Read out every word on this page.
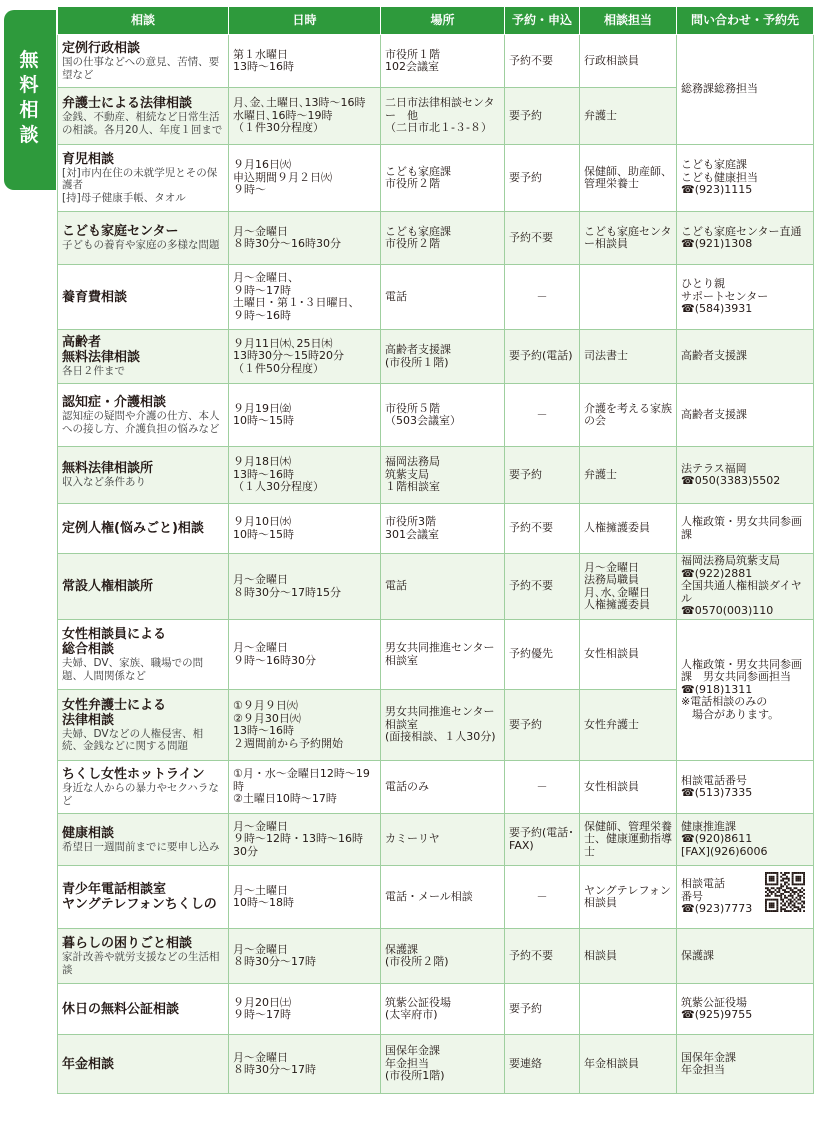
無
料
相
談
相談	日時	場所	予約・申込	相談担当	問い合わせ・予約先

定例行政相談
国の仕事などへの意見、苦情、要望など	第１水曜日
13時～16時	市役所１階
102会議室	予約不要	行政相談員	総務課総務担当

弁護士による法律相談
金銭、不動産、相続など日常生活の相談。各月20人、年度１回まで	月､金､土曜日､13時～16時
水曜日､16時～19時
（１件30分程度）	二日市法律相談センター　他
（二日市北１-３-８）	要予約	弁護士	

育児相談
[対]市内在住の未就学児とその保護者
[持]母子健康手帳、タオル	９月16日㈫
申込期間９月２日㈫
９時～	こども家庭課
市役所２階	要予約	保健師、助産師、管理栄養士	こども家庭課
こども健康担当
☎(923)1115

こども家庭センター
子どもの養育や家庭の多様な問題	月～金曜日
８時30分～16時30分	こども家庭課
市役所２階	予約不要	こども家庭センター相談員	こども家庭センター直通
☎(921)1308

養育費相談	月～金曜日、
９時～17時
土曜日・第１･３日曜日、
９時～16時	電話	－		ひとり親
サポートセンター
☎(584)3931

高齢者
無料法律相談
各日２件まで	９月11日㈭､25日㈭
13時30分～15時20分
（１件50分程度）	高齢者支援課
(市役所１階)	要予約(電話)	司法書士	高齢者支援課

認知症・介護相談
認知症の疑問や介護の仕方、本人への接し方、介護負担の悩みなど	９月19日㈮
10時～15時	市役所５階
（503会議室）	－	介護を考える家族の会	高齢者支援課

無料法律相談所
収入など条件あり	９月18日㈭
13時～16時
（１人30分程度）	福岡法務局
筑紫支局
１階相談室	要予約	弁護士	法テラス福岡
☎050(3383)5502

定例人権(悩みごと)相談	９月10日㈬
10時～15時	市役所3階
301会議室	予約不要	人権擁護委員	人権政策・男女共同参画課

常設人権相談所	月～金曜日
８時30分～17時15分	電話	予約不要	月～金曜日
法務局職員
月､水､金曜日
人権擁護委員	福岡法務局筑紫支局
☎(922)2881
全国共通人権相談ダイヤル
☎0570(003)110

女性相談員による
総合相談
夫婦、DV、家族、職場での問題、人間関係など	月～金曜日
９時～16時30分	男女共同推進センター相談室	予約優先	女性相談員	人権政策・男女共同参画課　男女共同参画担当
☎(918)1311
※電話相談のみの
　場合があります。

女性弁護士による
法律相談
夫婦、DVなどの人権侵害、相続、金銭などに関する問題	①９月９日㈫
②９月30日㈫
13時～16時
２週間前から予約開始	男女共同推進センター相談室
(面接相談、１人30分)	要予約	女性弁護士	

ちくし女性ホットライン
身近な人からの暴力やセクハラなど	①月・水～金曜日12時～19時
②土曜日10時～17時	電話のみ	－	女性相談員	相談電話番号
☎(513)7335

健康相談
希望日一週間前までに要申し込み	月～金曜日
９時～12時・13時～16時30分	カミーリヤ	要予約(電話･FAX)	保健師、管理栄養士、健康運動指導士	健康推進課
☎(920)8611
[FAX](926)6006

青少年電話相談室
ヤングテレフォンちくしの	月～土曜日
10時～18時	電話・メール相談	－	ヤングテレフォン相談員	相談電話
番号
☎(923)7773

暮らしの困りごと相談
家計改善や就労支援などの生活相談	月～金曜日
８時30分～17時	保護課
(市役所２階)	予約不要	相談員	保護課

休日の無料公証相談	９月20日㈯
９時～17時	筑紫公証役場
(太宰府市)	要予約		筑紫公証役場
☎(925)9755

年金相談	月～金曜日
８時30分～17時	国保年金課
年金担当
(市役所1階)	要連絡	年金相談員	国保年金課
年金担当
